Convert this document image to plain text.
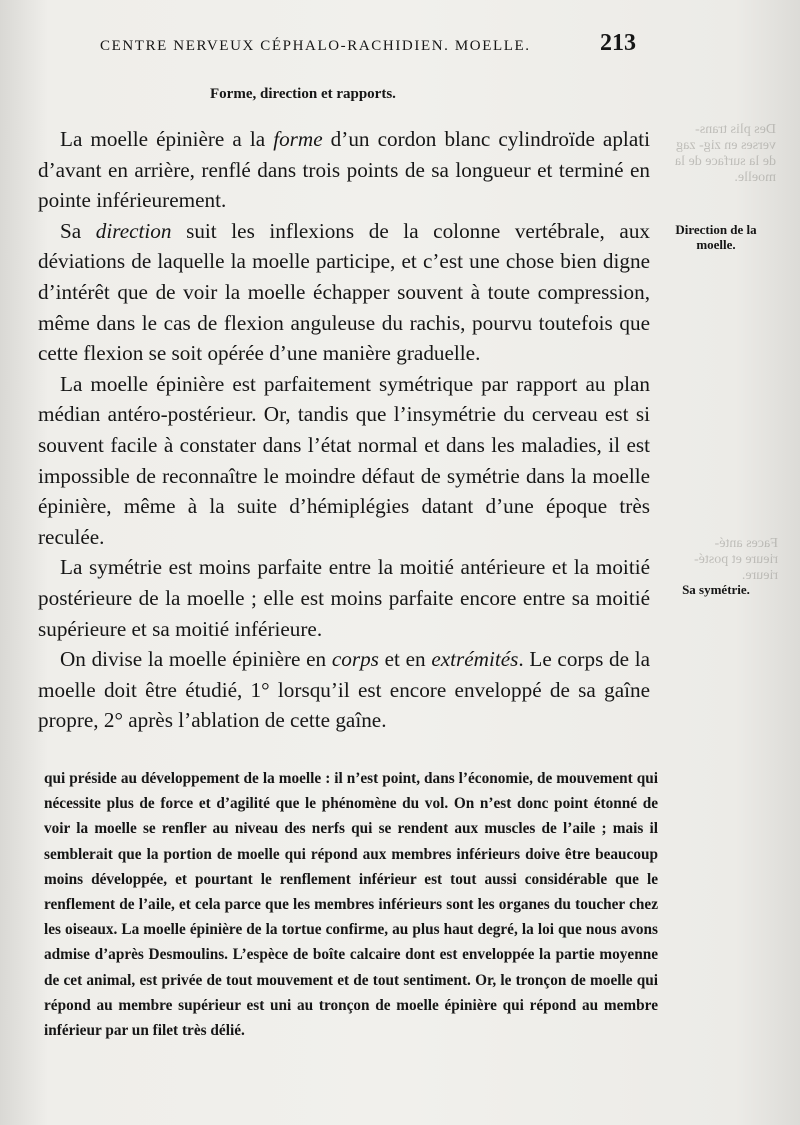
Des plis trans- verses en zig- zag de la surface de la moelle.
Faces anté- rieure et posté- rieure.
CENTRE NERVEUX CÉPHALO-RACHIDIEN. MOELLE.	213
Forme, direction et rapports.

La moelle épinière a la forme d’un cordon blanc cylindroïde aplati d’avant en arrière, renflé dans trois points de sa longueur et terminé en pointe inférieurement.

Sa direction suit les inflexions de la colonne vertébrale, aux déviations de laquelle la moelle participe, et c’est une chose bien digne d’intérêt que de voir la moelle échapper souvent à toute compression, même dans le cas de flexion anguleuse du rachis, pourvu toutefois que cette flexion se soit opérée d’une manière graduelle.

La moelle épinière est parfaitement symétrique par rapport au plan médian antéro-postérieur. Or, tandis que l’insymétrie du cerveau est si souvent facile à constater dans l’état normal et dans les maladies, il est impossible de reconnaître le moindre défaut de symétrie dans la moelle épinière, même à la suite d’hémiplégies datant d’une époque très reculée.

La symétrie est moins parfaite entre la moitié antérieure et la moitié postérieure de la moelle ; elle est moins parfaite encore entre sa moitié supérieure et sa moitié inférieure.

On divise la moelle épinière en corps et en extrémités. Le corps de la moelle doit être étudié, 1° lorsqu’il est encore enveloppé de sa gaîne propre, 2° après l’ablation de cette gaîne.

Direction de la moelle.
Sa symétrie.

qui préside au développement de la moelle : il n’est point, dans l’économie, de mouvement qui nécessite plus de force et d’agilité que le phénomène du vol. On n’est donc point étonné de voir la moelle se renfler au niveau des nerfs qui se rendent aux muscles de l’aile ; mais il semblerait que la portion de moelle qui répond aux membres inférieurs doive être beaucoup moins développée, et pourtant le renflement inférieur est tout aussi considérable que le renflement de l’aile, et cela parce que les membres inférieurs sont les organes du toucher chez les oiseaux. La moelle épinière de la tortue confirme, au plus haut degré, la loi que nous avons admise d’après Desmoulins. L’espèce de boîte calcaire dont est enveloppée la partie moyenne de cet animal, est privée de tout mouvement et de tout sentiment. Or, le tronçon de moelle qui répond au membre supérieur est uni au tronçon de moelle épinière qui répond au membre inférieur par un filet très délié.
